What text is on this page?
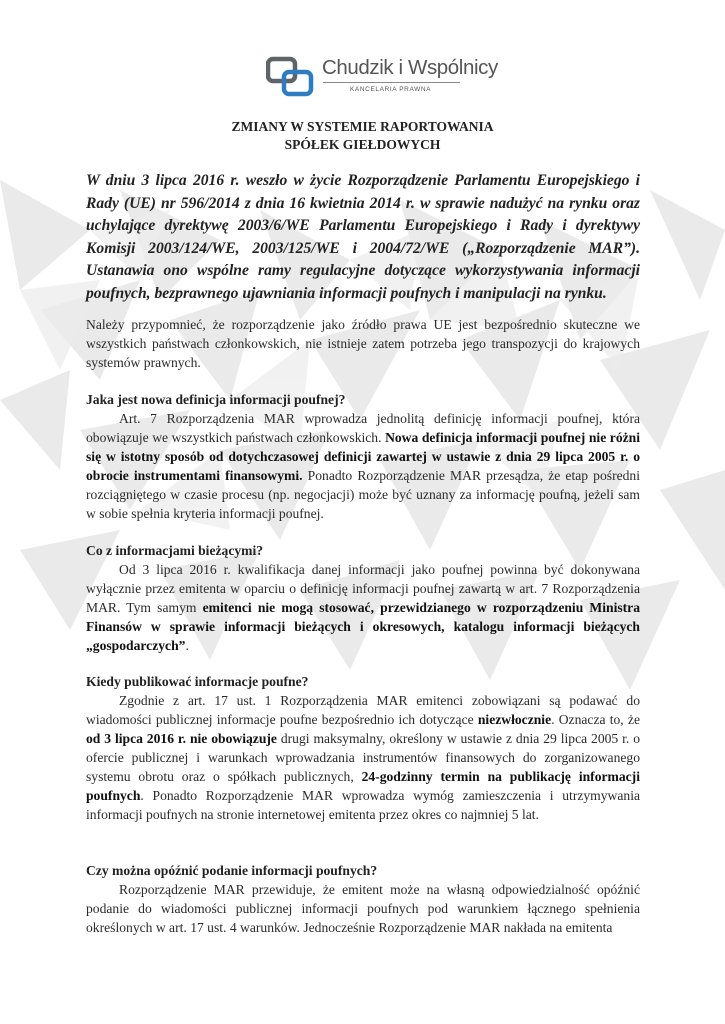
Chudzik i Wspólnicy
KANCELARIA PRAWNA
ZMIANY W SYSTEMIE RAPORTOWANIA
SPÓŁEK GIEŁDOWYCH

W dniu 3 lipca 2016 r. weszło w życie Rozporządzenie Parlamentu Europejskiego i Rady (UE) nr 596/2014 z dnia 16 kwietnia 2014 r. w sprawie nadużyć na rynku oraz uchylające dyrektywę 2003/6/WE Parlamentu Europejskiego i Rady i dyrektywy Komisji 2003/124/WE, 2003/125/WE i 2004/72/WE („Rozporządzenie MAR”). Ustanawia ono wspólne ramy regulacyjne dotyczące wykorzystywania informacji poufnych, bezprawnego ujawniania informacji poufnych i manipulacji na rynku.

Należy przypomnieć, że rozporządzenie jako źródło prawa UE jest bezpośrednio skuteczne we wszystkich państwach członkowskich, nie istnieje zatem potrzeba jego transpozycji do krajowych systemów prawnych.

Jaka jest nowa definicja informacji poufnej?

Art. 7 Rozporządzenia MAR wprowadza jednolitą definicję informacji poufnej, która obowiązuje we wszystkich państwach członkowskich. Nowa definicja informacji poufnej nie różni się w istotny sposób od dotychczasowej definicji zawartej w ustawie z dnia 29 lipca 2005 r. o obrocie instrumentami finansowymi. Ponadto Rozporządzenie MAR przesądza, że etap pośredni rozciągniętego w czasie procesu (np. negocjacji) może być uznany za informację poufną, jeżeli sam w sobie spełnia kryteria informacji poufnej.

Co z informacjami bieżącymi?

Od 3 lipca 2016 r. kwalifikacja danej informacji jako poufnej powinna być dokonywana wyłącznie przez emitenta w oparciu o definicję informacji poufnej zawartą w art. 7 Rozporządzenia MAR. Tym samym emitenci nie mogą stosować, przewidzianego w rozporządzeniu Ministra Finansów w sprawie informacji bieżących i okresowych, katalogu informacji bieżących „gospodarczych”.

Kiedy publikować informacje poufne?

Zgodnie z art. 17 ust. 1 Rozporządzenia MAR emitenci zobowiązani są podawać do wiadomości publicznej informacje poufne bezpośrednio ich dotyczące niezwłocznie. Oznacza to, że od 3 lipca 2016 r. nie obowiązuje drugi maksymalny, określony w ustawie z dnia 29 lipca 2005 r. o ofercie publicznej i warunkach wprowadzania instrumentów finansowych do zorganizowanego systemu obrotu oraz o spółkach publicznych, 24-godzinny termin na publikację informacji poufnych. Ponadto Rozporządzenie MAR wprowadza wymóg zamieszczenia i utrzymywania informacji poufnych na stronie internetowej emitenta przez okres co najmniej 5 lat.

Czy można opóźnić podanie informacji poufnych?

Rozporządzenie MAR przewiduje, że emitent może na własną odpowiedzialność opóźnić podanie do wiadomości publicznej informacji poufnych pod warunkiem łącznego spełnienia określonych w art. 17 ust. 4 warunków. Jednocześnie Rozporządzenie MAR nakłada na emitenta
